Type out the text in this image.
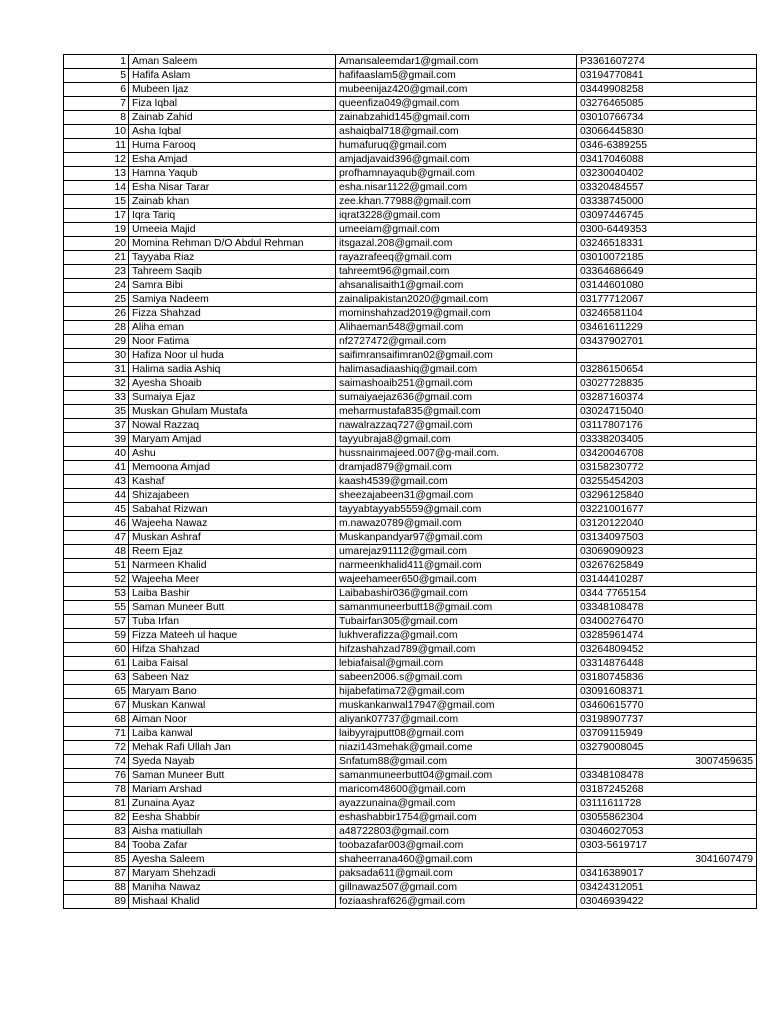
1	Aman Saleem	Amansaleemdar1@gmail.com	P3361607274
5	Hafifa Aslam	hafifaaslam5@gmail.com	03194770841
6	Mubeen Ijaz	mubeenijaz420@gmail.com	03449908258
7	Fiza Iqbal	queenfiza049@gmail.com	03276465085
8	Zainab Zahid	zainabzahid145@gmail.com	03010766734
10	Asha Iqbal	ashaiqbal718@gmail.com	03066445830
11	Huma Farooq	humafuruq@gmail.com	0346-6389255
12	Esha Amjad	amjadjavaid396@gmail.com	03417046088
13	Hamna Yaqub	profhamnayaqub@gmail.com	03230040402
14	Esha Nisar Tarar	esha.nisar1122@gmail.com	03320484557
15	Zainab khan	zee.khan.77988@gmail.com	03338745000
17	Iqra Tariq	iqrat3228@gmail.com	03097446745
19	Umeeia Majid	umeeiam@gmail.com	0300-6449353
20	Momina Rehman D/O Abdul Rehman	itsgazal.208@gmail.com	03246518331
21	Tayyaba Riaz	rayazrafeeq@gmail.com	03010072185
23	Tahreem Saqib	tahreemt96@gmail.com	03364686649
24	Samra Bibi	ahsanalisaith1@gmail.com	03144601080
25	Samiya Nadeem	zainalipakistan2020@gmail.com	03177712067
26	Fizza Shahzad	mominshahzad2019@gmail.com	03246581104
28	Aliha eman	Alihaeman548@gmail.com	03461611229
29	Noor Fatima	nf2727472@gmail.com	03437902701
30	Hafiza Noor ul huda	saifimransaifimran02@gmail.com	
31	Halima sadia Ashiq	halimasadiaashiq@gmail.com	03286150654
32	Ayesha Shoaib	saimashoaib251@gmail.com	03027728835
33	Sumaiya Ejaz	sumaiyaejaz636@gmail.com	03287160374
35	Muskan Ghulam Mustafa	meharmustafa835@gmail.com	03024715040
37	Nowal Razzaq	nawalrazzaq727@gmail.com	03117807176
39	Maryam Amjad	tayyubraja8@gmail.com	03338203405
40	Ashu	hussnainmajeed.007@g-mail.com.	03420046708
41	Memoona Amjad	dramjad879@gmail.com	03158230772
43	Kashaf	kaash4539@gmail.com	03255454203
44	Shizajabeen	sheezajabeen31@gmail.com	03296125840
45	Sabahat Rizwan	tayyabtayyab5559@gmail.com	03221001677
46	Wajeeha Nawaz	m.nawaz0789@gmail.com	03120122040
47	Muskan Ashraf	Muskanpandyar97@gmail.com	03134097503
48	Reem Ejaz	umarejaz91112@gmail.com	03069090923
51	Narmeen Khalid	narmeenkhalid411@gmail.com	03267625849
52	Wajeeha Meer	wajeehameer650@gmail.com	03144410287
53	Laiba Bashir	Laibabashir036@gmail.com	0344 7765154
55	Saman Muneer Butt	samanmuneerbutt18@gmail.com	03348108478
57	Tuba Irfan	Tubairfan305@gmail.com	03400276470
59	Fizza Mateeh ul haque	lukhverafizza@gmail.com	03285961474
60	Hifza Shahzad	hifzashahzad789@gmail.com	03264809452
61	Laiba Faisal	lebiafaisal@gmail.com	03314876448
63	Sabeen Naz	sabeen2006.s@gmail.com	03180745836
65	Maryam Bano	hijabefatima72@gmail.com	03091608371
67	Muskan Kanwal	muskankanwal17947@gmail.com	03460615770
68	Aiman Noor	aliyank07737@gmail.com	03198907737
71	Laiba kanwal	laibyyrajputt08@gmail.com	03709115949
72	Mehak Rafi Ullah Jan	niazi143mehak@gmail.come	03279008045
74	Syeda Nayab	Snfatum88@gmail.com	3007459635
76	Saman Muneer Butt	samanmuneerbutt04@gmail.com	03348108478
78	Mariam Arshad	maricom48600@gmail.com	03187245268
81	Zunaina Ayaz	ayazzunaina@gmail.com	03111611728
82	Eesha Shabbir	eshashabbir1754@gmail.com	03055862304
83	Aisha matiullah	a48722803@gmail.com	03046027053
84	Tooba Zafar	toobazafar003@gmail.com	0303-5619717
85	Ayesha Saleem	shaheerrana460@gmail.com	3041607479
87	Maryam Shehzadi	paksada611@gmail.com	03416389017
88	Maniha Nawaz	gillnawaz507@gmail.com	03424312051
89	Mishaal Khalid	foziaashraf626@gmail.com	03046939422
